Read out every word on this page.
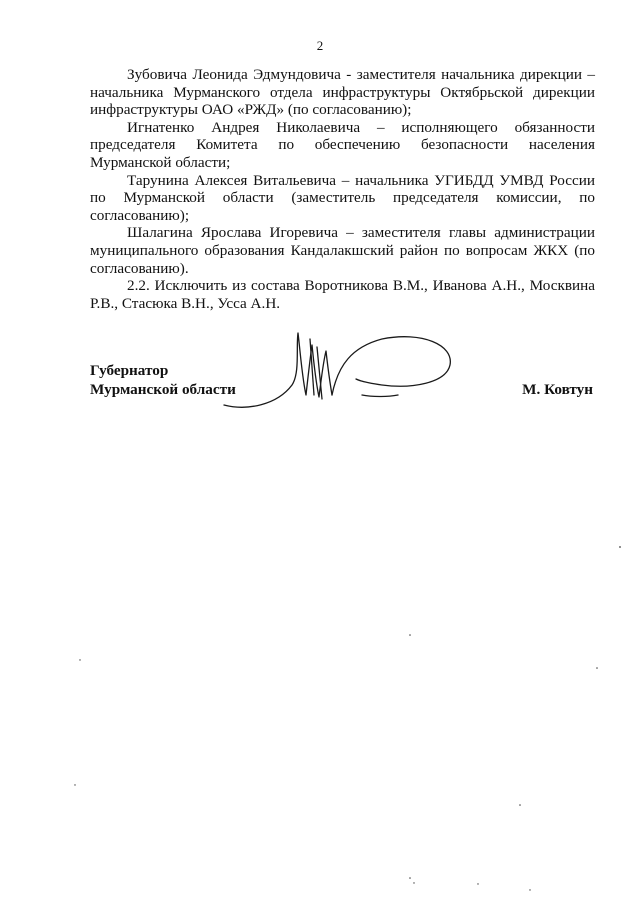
2

Зубовича Леонида Эдмундовича - заместителя начальника дирекции – начальника Мурманского отдела инфраструктуры Октябрьской дирекции инфраструктуры ОАО «РЖД» (по согласованию);

Игнатенко Андрея Николаевича – исполняющего обязанности председателя Комитета по обеспечению безопасности населения Мурманской области;

Тарунина Алексея Витальевича – начальника УГИБДД УМВД России по Мурманской области (заместитель председателя комиссии, по согласованию);

Шалагина Ярослава Игоревича – заместителя главы администрации муниципального образования Кандалакшский район по вопросам ЖКХ (по согласованию).

2.2. Исключить из состава Воротникова В.М., Иванова А.Н., Москвина Р.В., Стасюка В.Н., Усса А.Н.

Губернатор
Мурманской области	М. Ковтун
